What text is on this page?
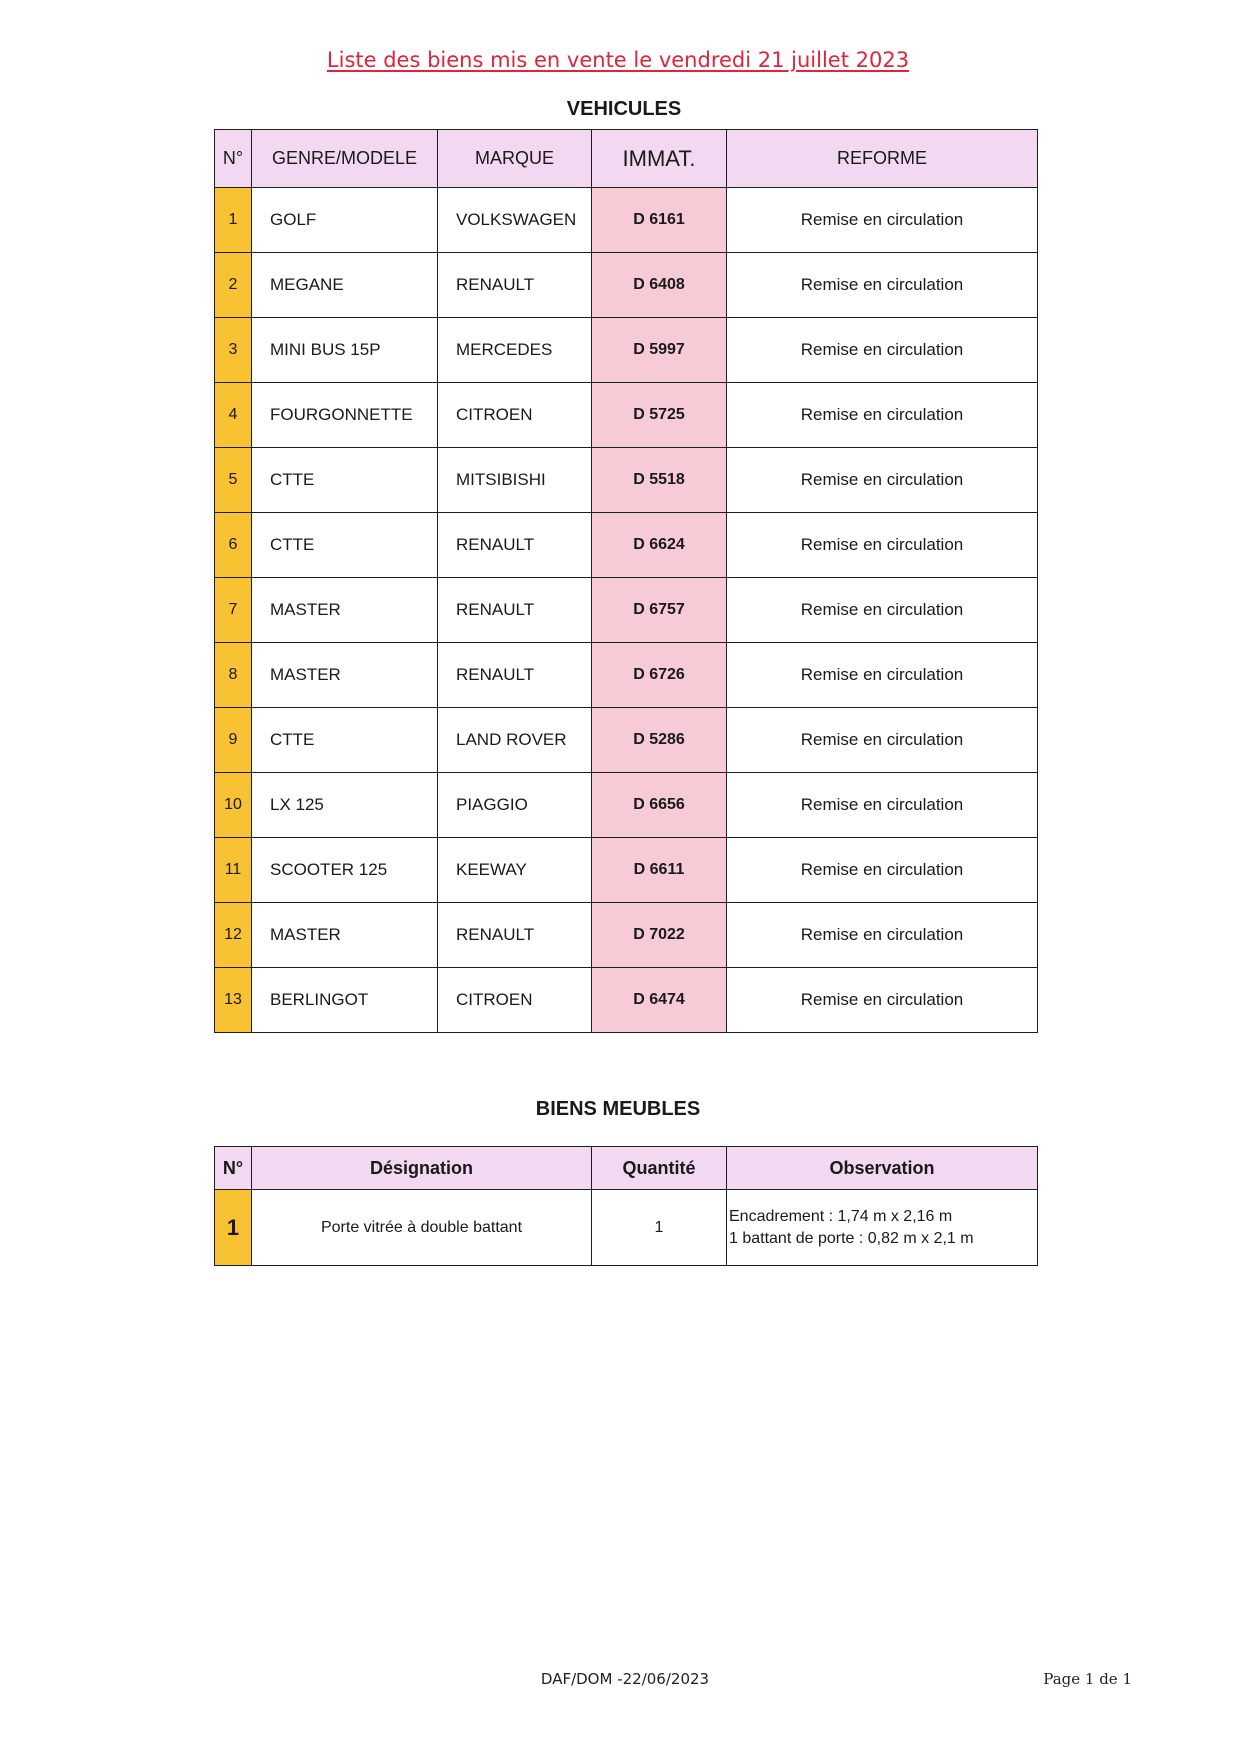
Liste des biens mis en vente le vendredi 21 juillet 2023
VEHICULES
N°	GENRE/MODELE	MARQUE	IMMAT.	REFORME
1	GOLF	VOLKSWAGEN	D 6161	Remise en circulation
2	MEGANE	RENAULT	D 6408	Remise en circulation
3	MINI BUS 15P	MERCEDES	D 5997	Remise en circulation
4	FOURGONNETTE	CITROEN	D 5725	Remise en circulation
5	CTTE	MITSIBISHI	D 5518	Remise en circulation
6	CTTE	RENAULT	D 6624	Remise en circulation
7	MASTER	RENAULT	D 6757	Remise en circulation
8	MASTER	RENAULT	D 6726	Remise en circulation
9	CTTE	LAND ROVER	D 5286	Remise en circulation
10	LX 125	PIAGGIO	D 6656	Remise en circulation
11	SCOOTER 125	KEEWAY	D 6611	Remise en circulation
12	MASTER	RENAULT	D 7022	Remise en circulation
13	BERLINGOT	CITROEN	D 6474	Remise en circulation
BIENS MEUBLES
N°	Désignation	Quantité	Observation
1	Porte vitrée à double battant	1	Encadrement : 1,74 m x 2,16 m
1 battant de porte : 0,82 m x 2,1 m
DAF/DOM -22/06/2023	Page 1 de 1
